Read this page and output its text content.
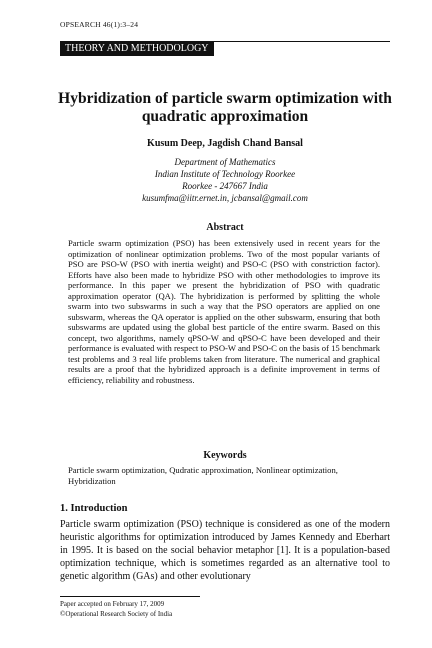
OPSEARCH 46(1):3–24
THEORY AND METHODOLOGY
Hybridization of particle swarm optimization with quadratic approximation
Kusum Deep, Jagdish Chand Bansal
Department of Mathematics
Indian Institute of Technology Roorkee
Roorkee - 247667 India
kusumfma@iitr.ernet.in, jcbansal@gmail.com
Abstract

Particle swarm optimization (PSO) has been extensively used in recent years for the optimization of nonlinear optimization problems. Two of the most popular variants of PSO are PSO-W (PSO with inertia weight) and PSO-C (PSO with constriction factor). Efforts have also been made to hybridize PSO with other methodologies to improve its performance. In this paper we present the hybridization of PSO with quadratic approximation operator (QA). The hybridization is performed by splitting the whole swarm into two subswarms in such a way that the PSO operators are applied on one subswarm, whereas the QA operator is applied on the other subswarm, ensuring that both subswarms are updated using the global best particle of the entire swarm. Based on this concept, two algorithms, namely qPSO-W and qPSO-C have been developed and their performance is evaluated with respect to PSO-W and PSO-C on the basis of 15 benchmark test problems and 3 real life problems taken from literature. The numerical and graphical results are a proof that the hybridized approach is a definite improvement in terms of efficiency, reliability and robustness.

Keywords

Particle swarm optimization, Qudratic approximation, Nonlinear optimization, Hybridization

1. Introduction

Particle swarm optimization (PSO) technique is considered as one of the modern heuristic algorithms for optimization introduced by James Kennedy and Eberhart in 1995. It is based on the social behavior metaphor [1]. It is a population-based optimization technique, which is sometimes regarded as an alternative tool to genetic algorithm (GAs) and other evolutionary

Paper accepted on February 17, 2009
©Operational Research Society of India
